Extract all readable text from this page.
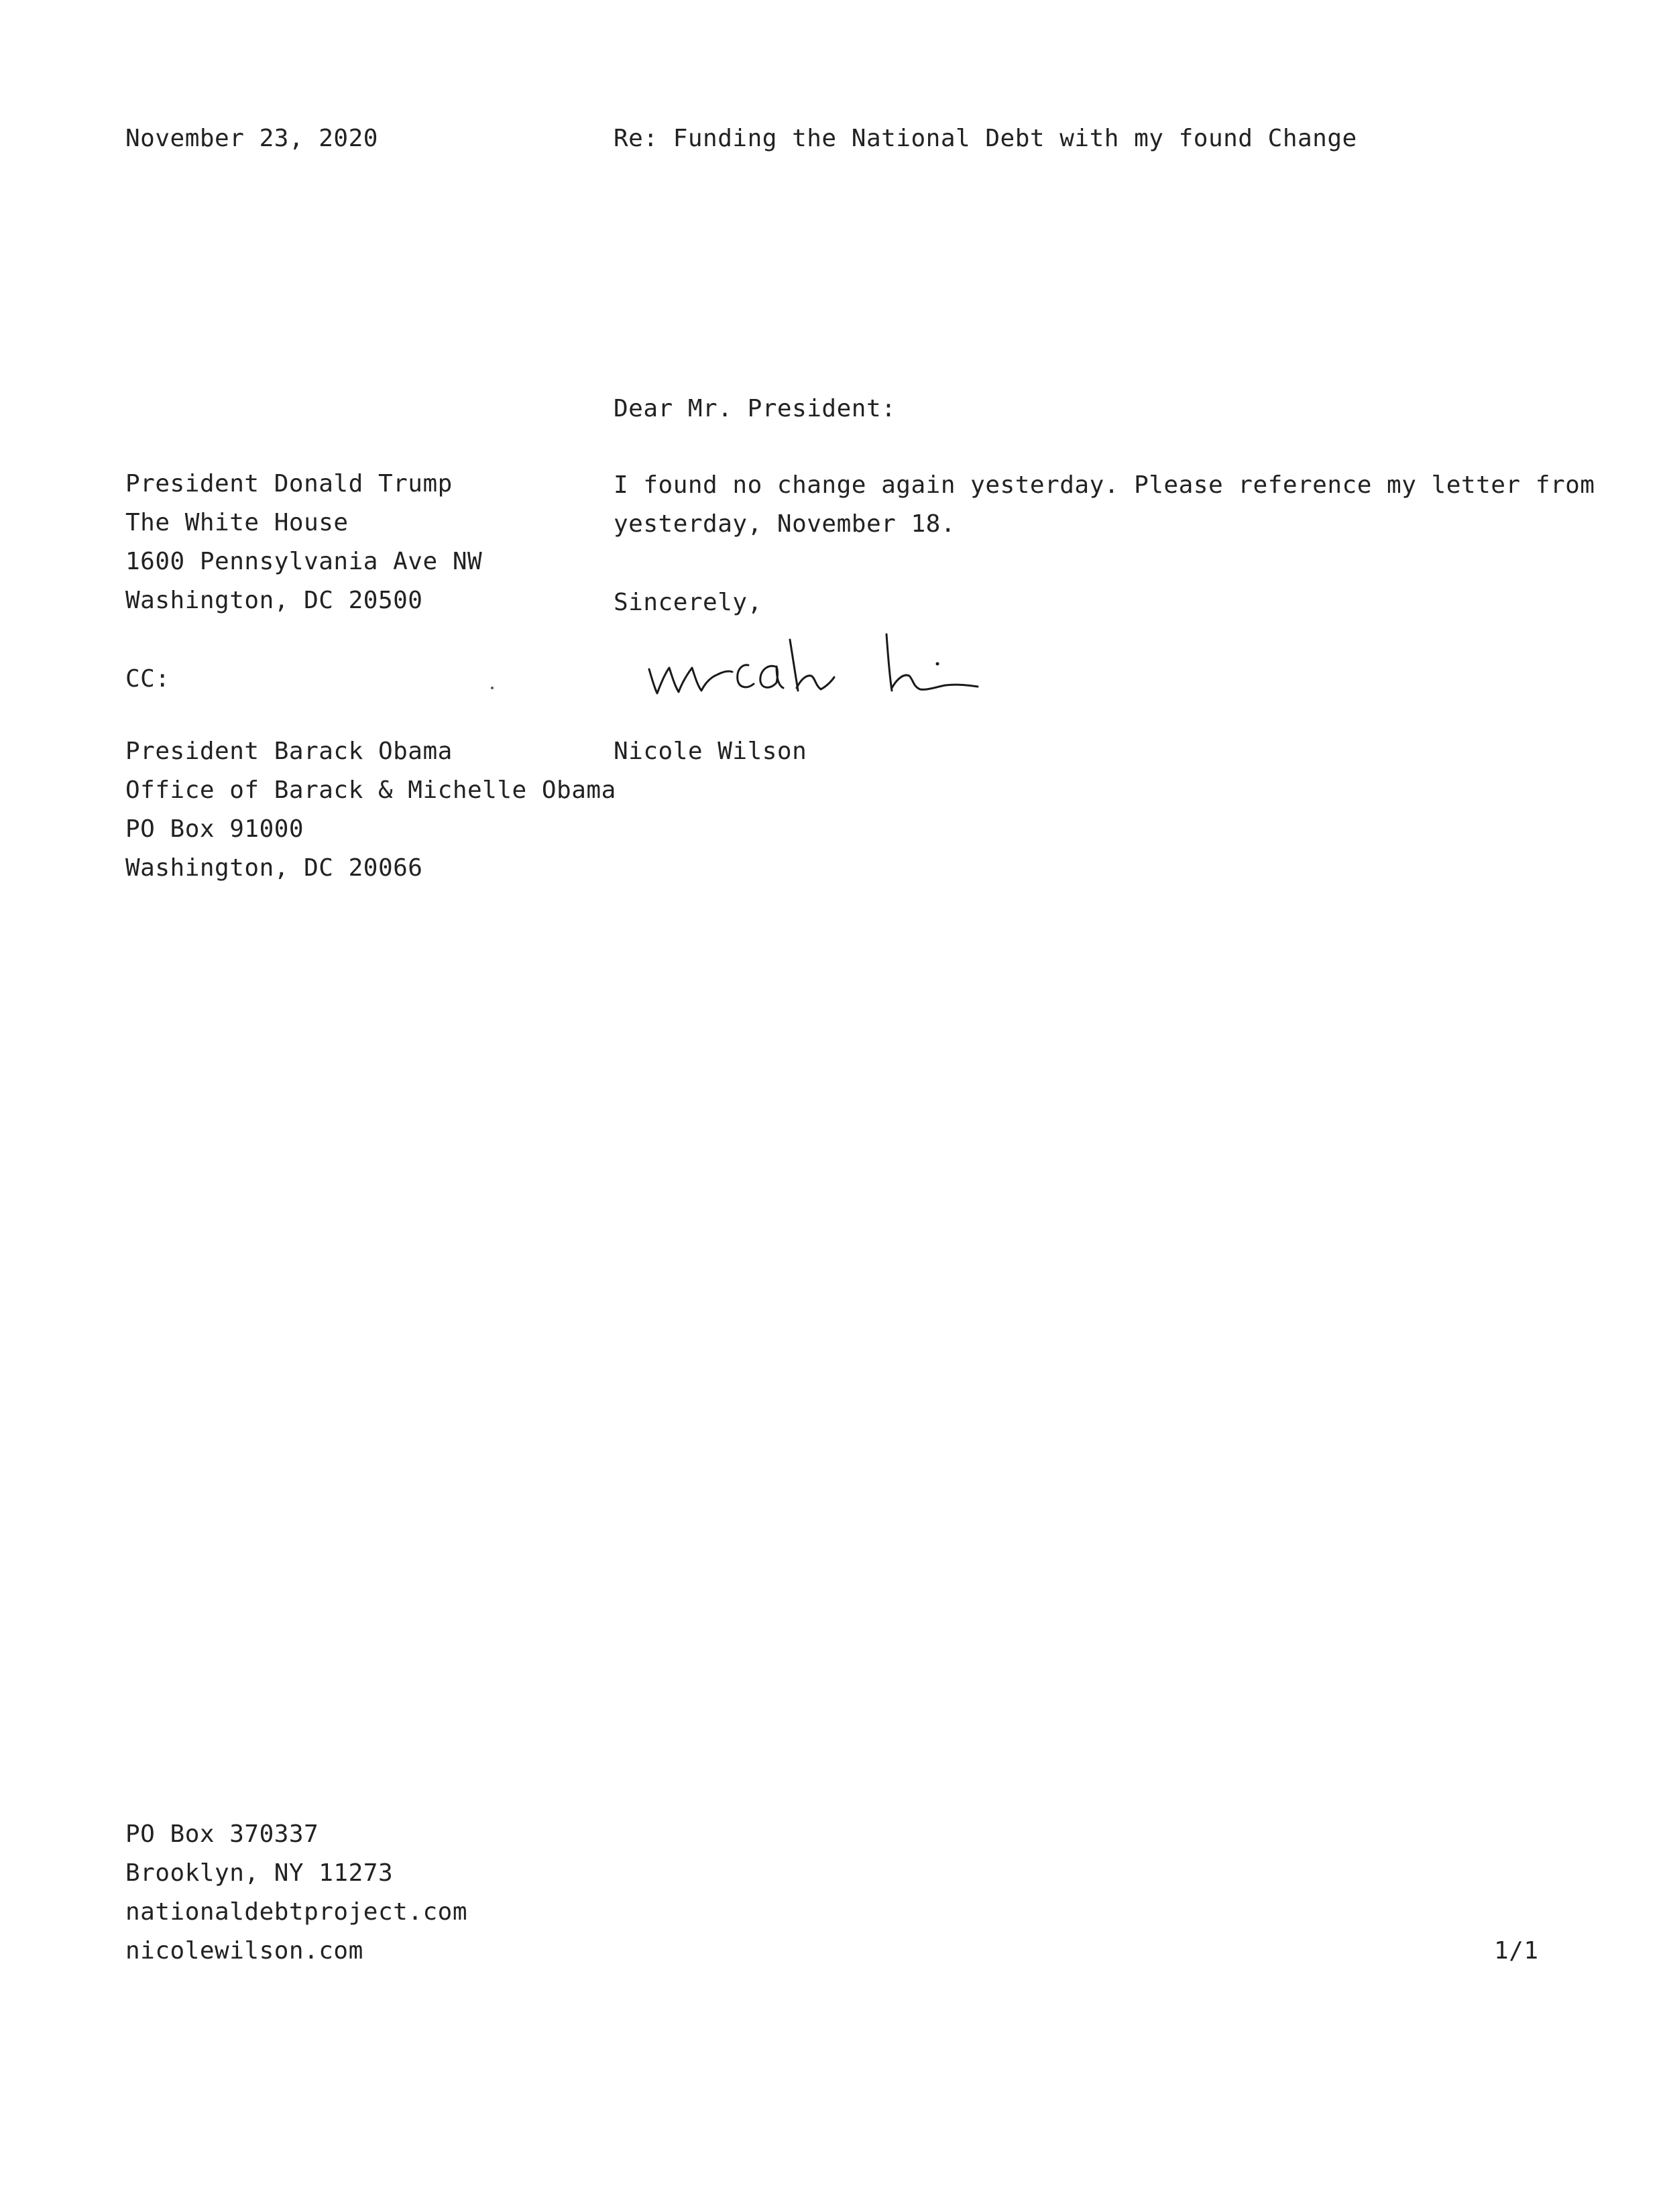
November 23, 2020	Re: Funding the National Debt with my found Change
Dear Mr. President:
President Donald Trump
The White House
1600 Pennsylvania Ave NW
Washington, DC 20500
I found no change again yesterday. Please reference my letter from
yesterday, November 18.
Sincerely,
CC:
Nicole Wilson
President Barack Obama
Office of Barack & Michelle Obama
PO Box 91000
Washington, DC 20066
PO Box 370337
Brooklyn, NY 11273
nationaldebtproject.com
nicolewilson.com	1/1
